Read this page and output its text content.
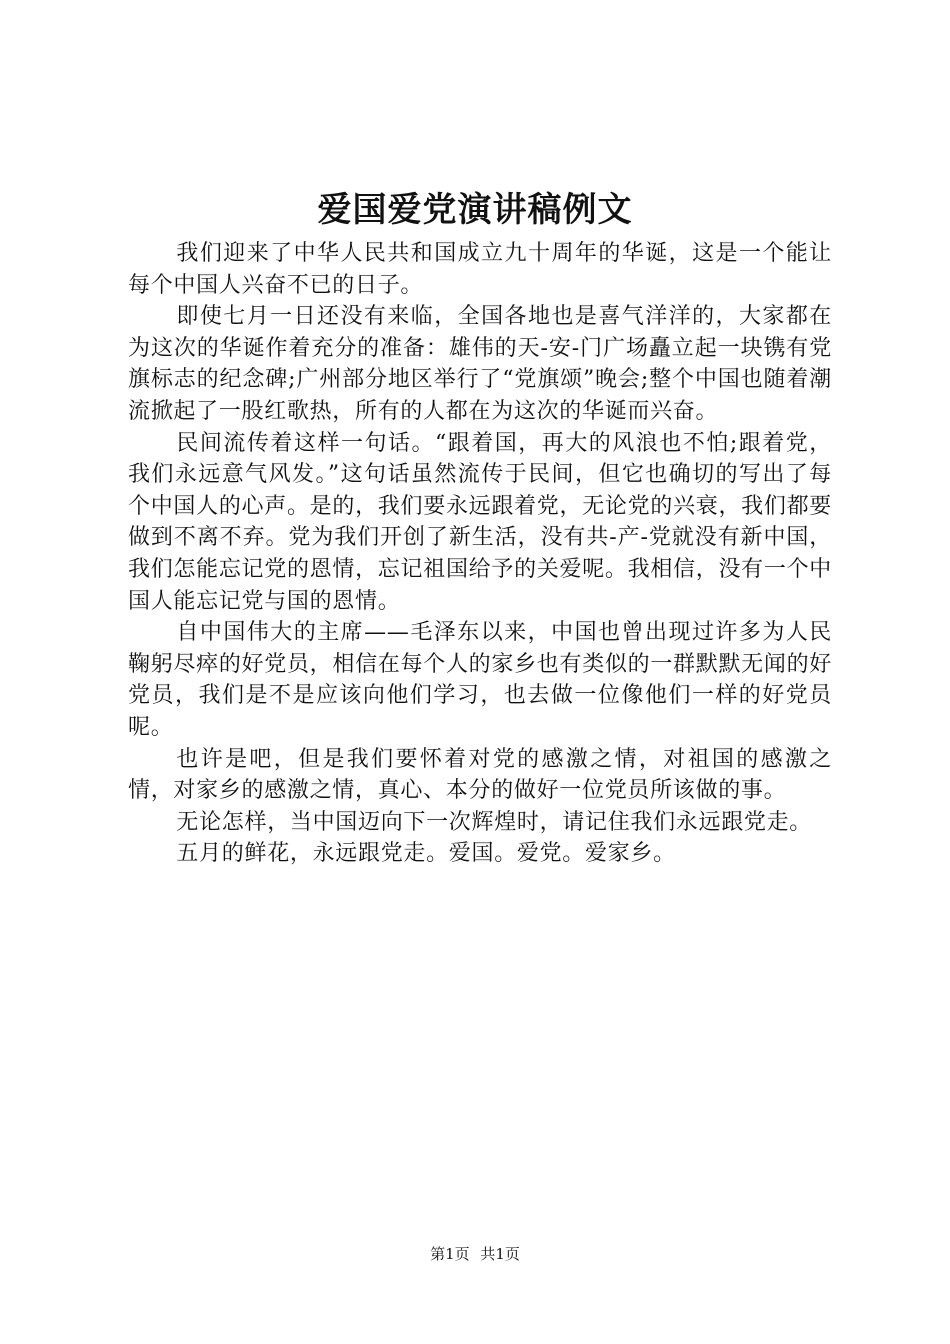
爱国爱党演讲稿例文

我们迎来了中华人民共和国成立九十周年的华诞，这是一个能让每个中国人兴奋不已的日子。

即使七月一日还没有来临，全国各地也是喜气洋洋的，大家都在为这次的华诞作着充分的准备：雄伟的天-安-门广场矗立起一块镌有党旗标志的纪念碑;广州部分地区举行了“党旗颂”晚会;整个中国也随着潮流掀起了一股红歌热，所有的人都在为这次的华诞而兴奋。

民间流传着这样一句话。“跟着国，再大的风浪也不怕;跟着党，我们永远意气风发。”这句话虽然流传于民间，但它也确切的写出了每个中国人的心声。是的，我们要永远跟着党，无论党的兴衰，我们都要做到不离不弃。党为我们开创了新生活，没有共-产-党就没有新中国，我们怎能忘记党的恩情，忘记祖国给予的关爱呢。我相信，没有一个中国人能忘记党与国的恩情。

自中国伟大的主席——毛泽东以来，中国也曾出现过许多为人民鞠躬尽瘁的好党员，相信在每个人的家乡也有类似的一群默默无闻的好党员，我们是不是应该向他们学习，也去做一位像他们一样的好党员呢。

也许是吧，但是我们要怀着对党的感激之情，对祖国的感激之情，对家乡的感激之情，真心、本分的做好一位党员所该做的事。

无论怎样，当中国迈向下一次辉煌时，请记住我们永远跟党走。

五月的鲜花，永远跟党走。爱国。爱党。爱家乡。

第1页 共1页
